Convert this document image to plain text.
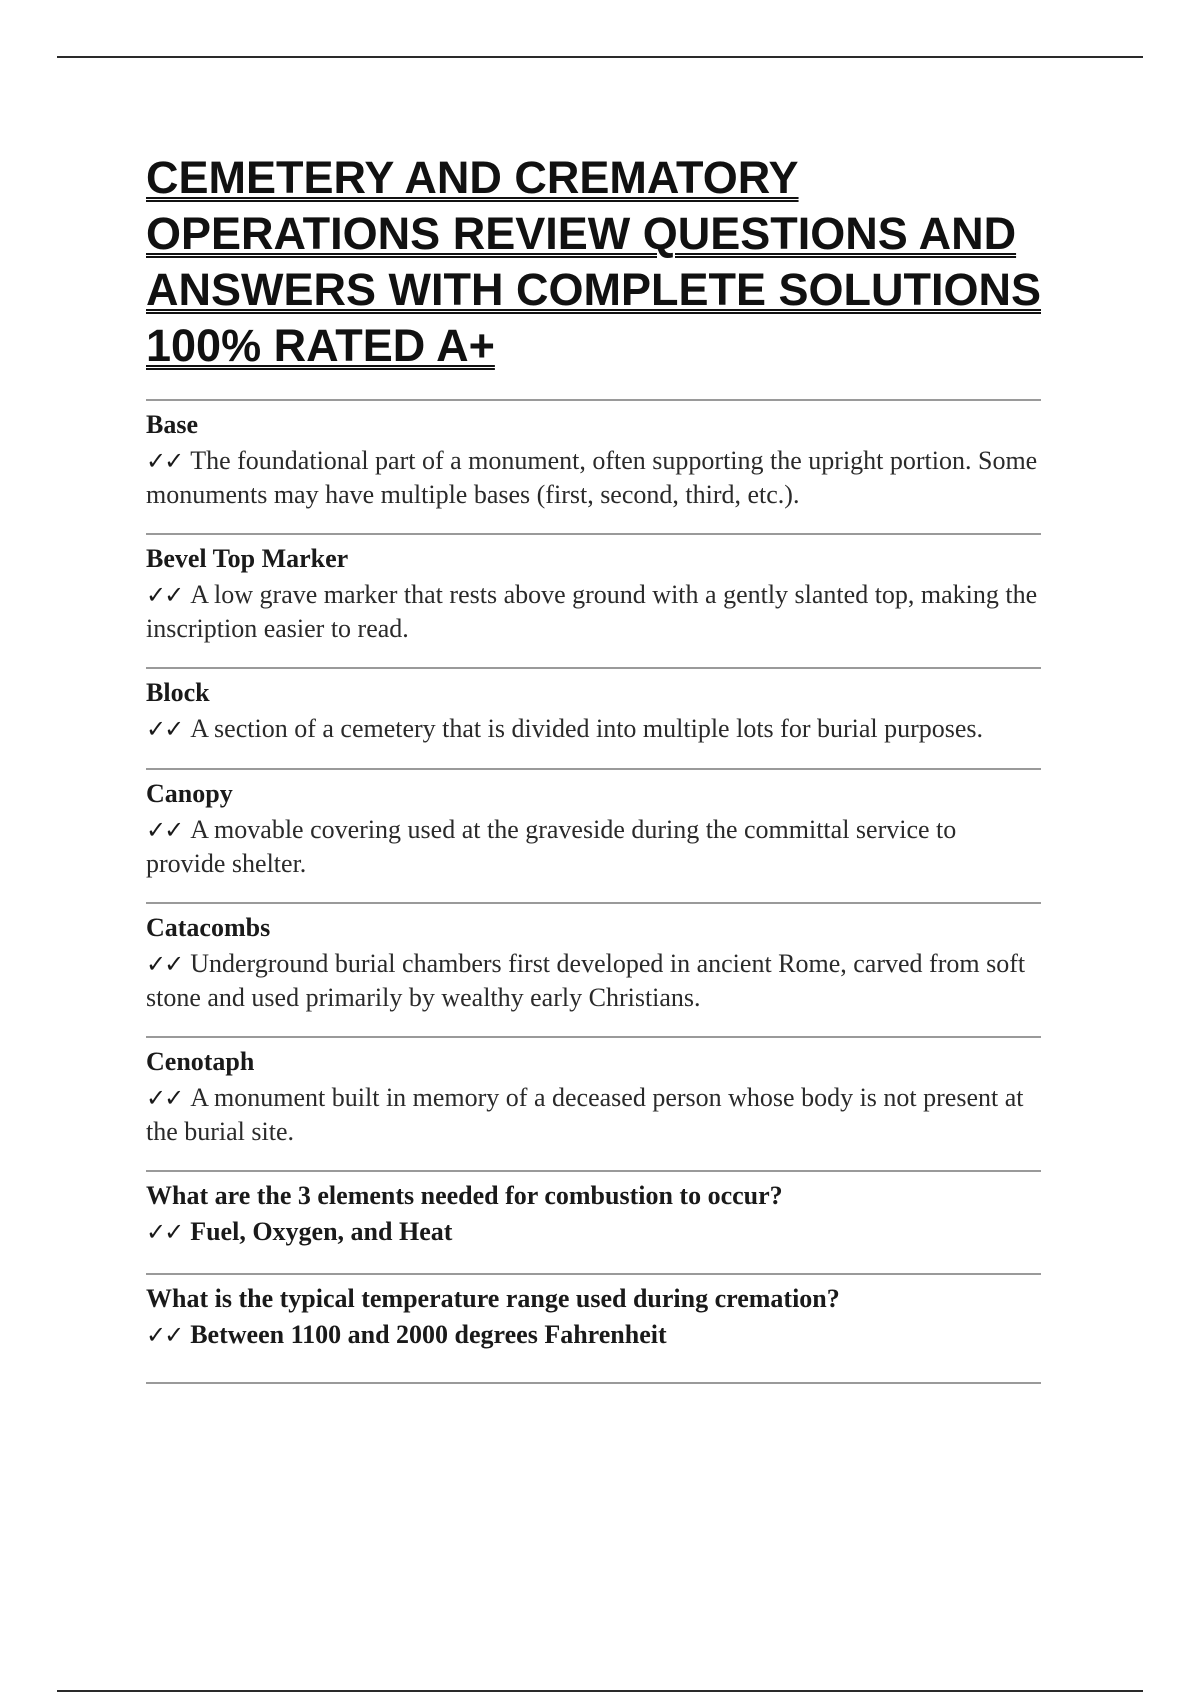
CEMETERY AND CREMATORY OPERATIONS REVIEW QUESTIONS AND ANSWERS WITH COMPLETE SOLUTIONS 100% RATED A+
Base
✓✓ The foundational part of a monument, often supporting the upright portion. Some monuments may have multiple bases (first, second, third, etc.).
Bevel Top Marker
✓✓ A low grave marker that rests above ground with a gently slanted top, making the inscription easier to read.
Block
✓✓ A section of a cemetery that is divided into multiple lots for burial purposes.
Canopy
✓✓ A movable covering used at the graveside during the committal service to provide shelter.
Catacombs
✓✓ Underground burial chambers first developed in ancient Rome, carved from soft stone and used primarily by wealthy early Christians.
Cenotaph
✓✓ A monument built in memory of a deceased person whose body is not present at the burial site.
What are the 3 elements needed for combustion to occur?
✓✓ Fuel, Oxygen, and Heat
What is the typical temperature range used during cremation?
✓✓ Between 1100 and 2000 degrees Fahrenheit
